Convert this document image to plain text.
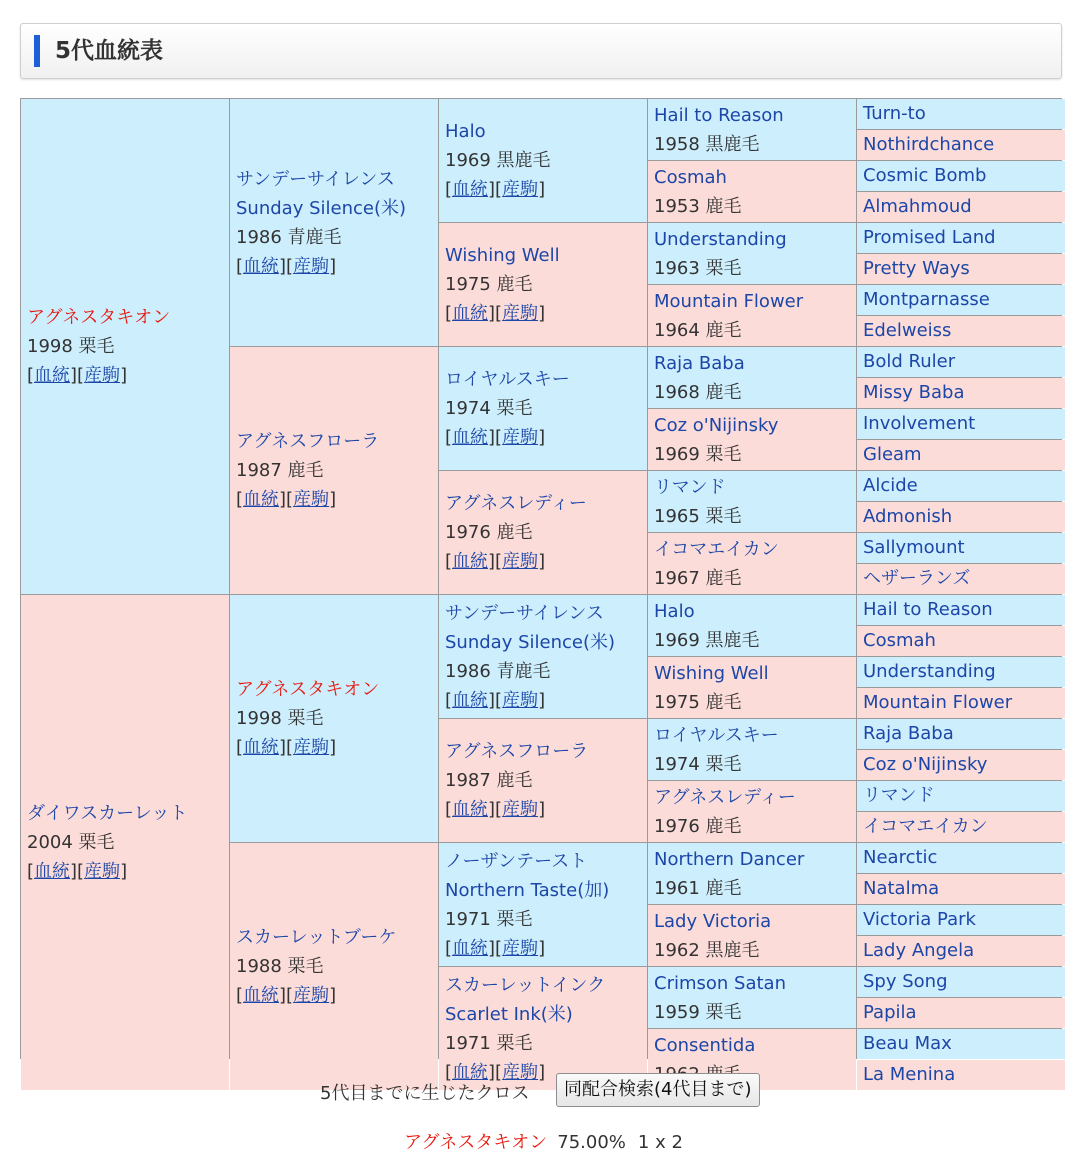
5代血統表
アグネスタキオン
1998 栗毛
[血統][産駒]
ダイワスカーレット
2004 栗毛
[血統][産駒]
サンデーサイレンス
Sunday Silence(米)
1986 青鹿毛
[血統][産駒]
アグネスフローラ
1987 鹿毛
[血統][産駒]
アグネスタキオン
1998 栗毛
[血統][産駒]
スカーレットブーケ
1988 栗毛
[血統][産駒]
Halo
1969 黒鹿毛
[血統][産駒]
Wishing Well
1975 鹿毛
[血統][産駒]
ロイヤルスキー
1974 栗毛
[血統][産駒]
アグネスレディー
1976 鹿毛
[血統][産駒]
サンデーサイレンス
Sunday Silence(米)
1986 青鹿毛
[血統][産駒]
アグネスフローラ
1987 鹿毛
[血統][産駒]
ノーザンテースト
Northern Taste(加)
1971 栗毛
[血統][産駒]
スカーレットインク
Scarlet Ink(米)
1971 栗毛
[血統][産駒]
Hail to Reason
1958 黒鹿毛
Cosmah
1953 鹿毛
Understanding
1963 栗毛
Mountain Flower
1964 鹿毛
Raja Baba
1968 鹿毛
Coz o'Nijinsky
1969 栗毛
リマンド
1965 栗毛
イコマエイカン
1967 鹿毛
Halo
1969 黒鹿毛
Wishing Well
1975 鹿毛
ロイヤルスキー
1974 栗毛
アグネスレディー
1976 鹿毛
Northern Dancer
1961 鹿毛
Lady Victoria
1962 黒鹿毛
Crimson Satan
1959 栗毛
Consentida
Turn-to
Nothirdchance
Cosmic Bomb
Almahmoud
Promised Land
Pretty Ways
Montparnasse
Edelweiss
Bold Ruler
Missy Baba
Involvement
Gleam
Alcide
Admonish
Sallymount
ヘザーランズ
Hail to Reason
Cosmah
Understanding
Mountain Flower
Raja Baba
Coz o'Nijinsky
リマンド
イコマエイカン
Nearctic
Natalma
Victoria Park
Lady Angela
Spy Song
Papila
Beau Max
La Menina
5代目までに生じたクロス	同配合検索(4代目まで)
アグネスタキオン 75.00% 1 x 2
